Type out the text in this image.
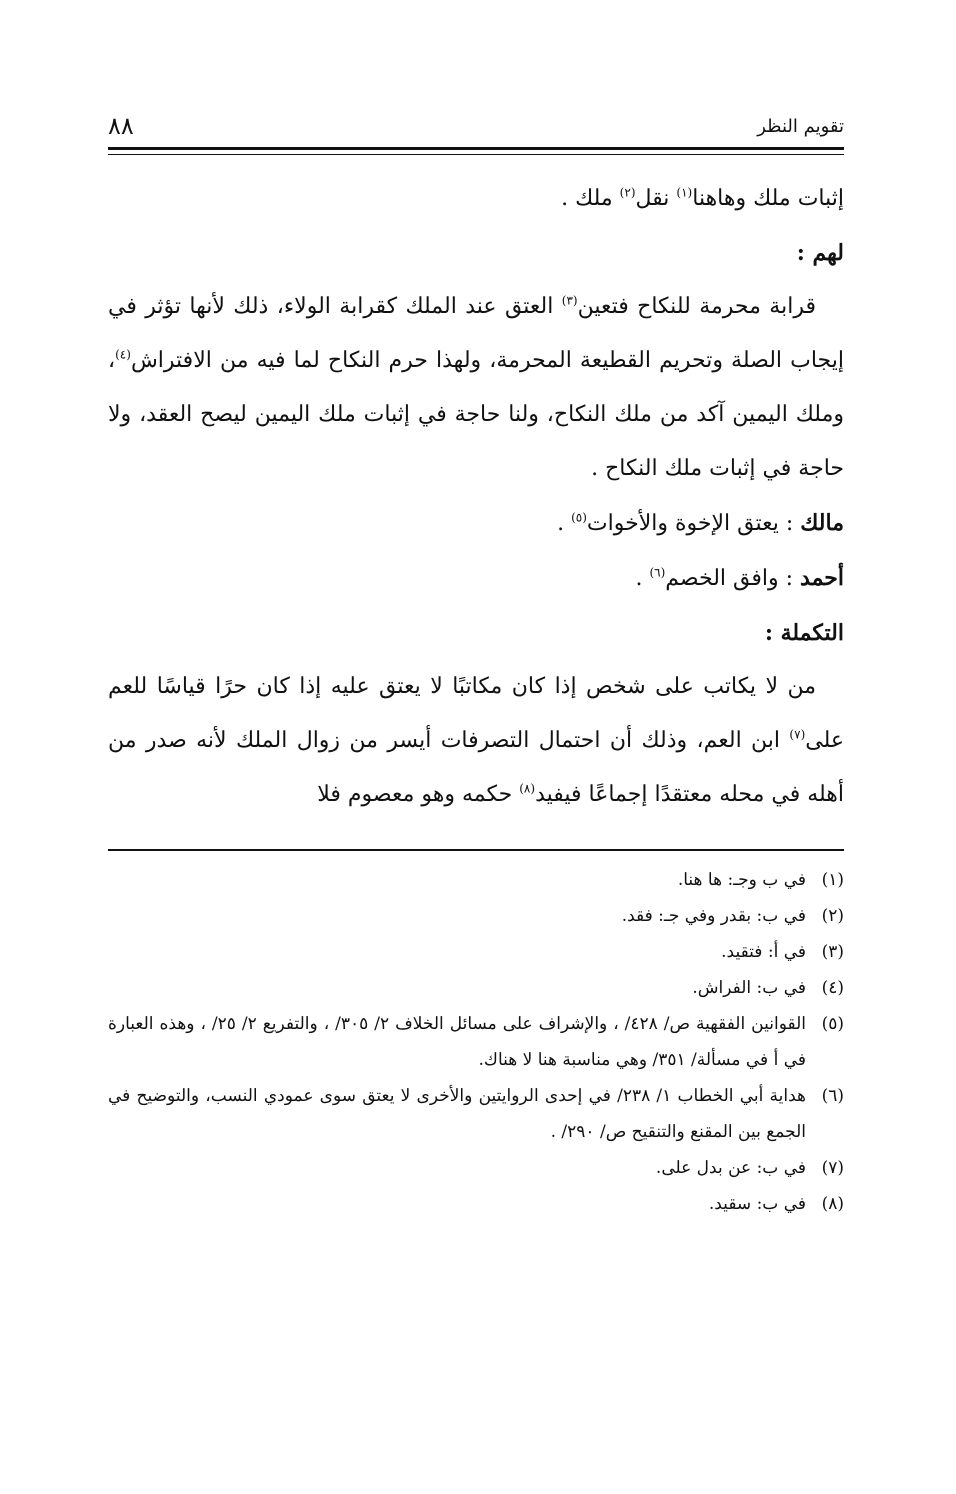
تقويم النظر
٨٨

إثبات ملك وهاهنا$^{(١)}$ نقل$^{(٢)}$ ملك .

لهم :

قرابة محرمة للنكاح فتعين$^{(٣)}$ العتق عند الملك كقرابة الولاء، ذلك لأنها تؤثر في إيجاب الصلة وتحريم القطيعة المحرمة، ولهذا حرم النكاح لما فيه من الافتراش$^{(٤)}$، وملك اليمين آكد من ملك النكاح، ولنا حاجة في إثبات ملك اليمين ليصح العقد، ولا حاجة في إثبات ملك النكاح .

مالك : يعتق الإخوة والأخوات$^{(٥)}$ .

أحمد : وافق الخصم$^{(٦)}$ .

التكملة :

من لا يكاتب على شخص إذا كان مكاتبًا لا يعتق عليه إذا كان حرًا قياسًا للعم على$^{(٧)}$ ابن العم، وذلك أن احتمال التصرفات أيسر من زوال الملك لأنه صدر من أهله في محله معتقدًا إجماعًا فيفيد$^{(٨)}$ حكمه وهو معصوم فلا

(١)
في ب وجـ: ها هنا.
(٢)
في ب: بقدر وفي جـ: فقد.
(٣)
في أ: فتقيد.
(٤)
في ب: الفراش.
(٥)
القوانين الفقهية ص/ ٤٢٨/ ، والإشراف على مسائل الخلاف ٢/ ٣٠٥/ ، والتفريع ٢/ ٢٥/ ، وهذه العبارة في أ في مسألة/ ٣٥١/ وهي مناسبة هنا لا هناك.
(٦)
هداية أبي الخطاب ١/ ٢٣٨/ في إحدى الروايتين والأخرى لا يعتق سوى عمودي النسب، والتوضيح في الجمع بين المقنع والتنقيح ص/ ٢٩٠/ .
(٧)
في ب: عن بدل على.
(٨)
في ب: سقيد.
